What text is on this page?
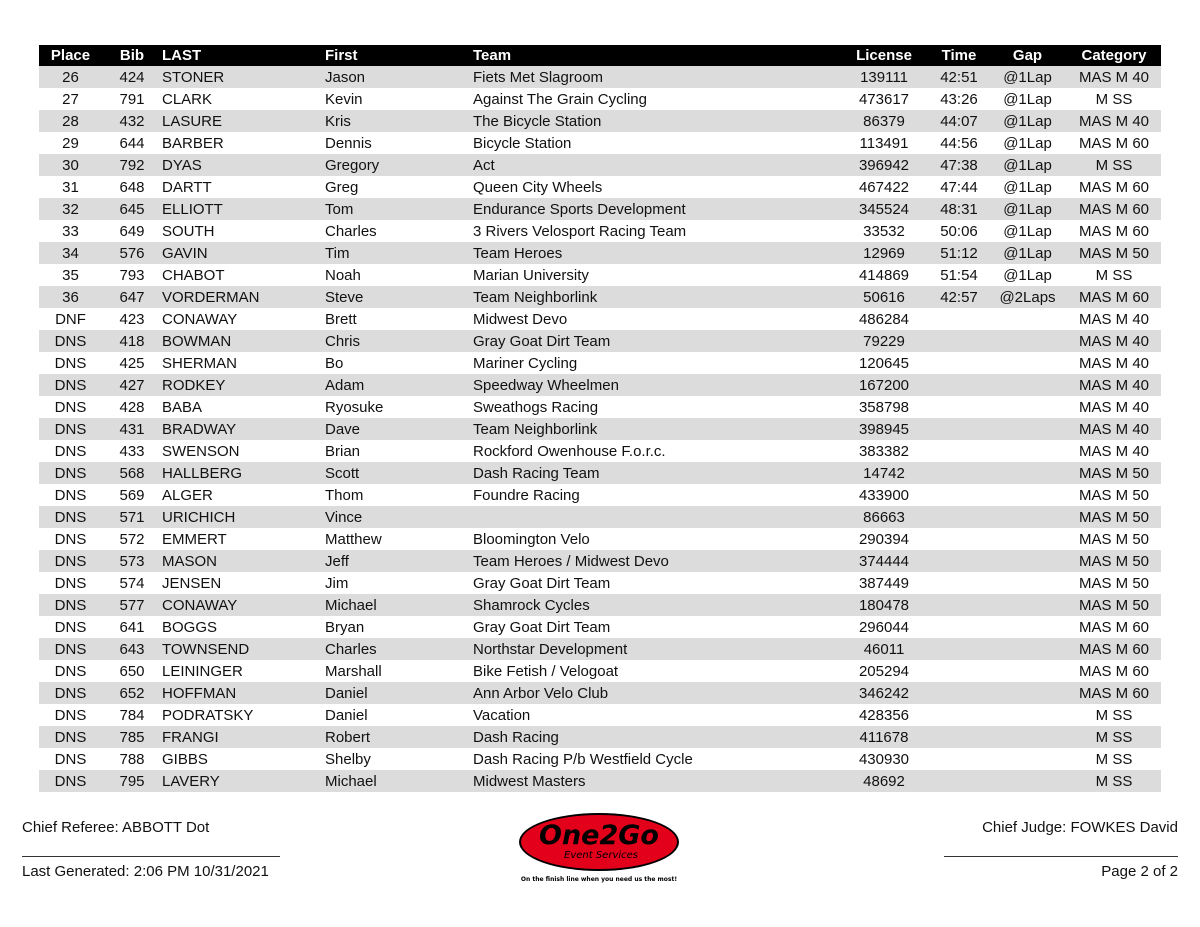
Place	Bib	LAST	First	Team	License	Time	Gap	Category
26	424	STONER	Jason	Fiets Met Slagroom	139111	42:51	@1Lap	MAS M 40
27	791	CLARK	Kevin	Against The Grain Cycling	473617	43:26	@1Lap	M SS
28	432	LASURE	Kris	The Bicycle Station	86379	44:07	@1Lap	MAS M 40
29	644	BARBER	Dennis	Bicycle Station	113491	44:56	@1Lap	MAS M 60
30	792	DYAS	Gregory	Act	396942	47:38	@1Lap	M SS
31	648	DARTT	Greg	Queen City Wheels	467422	47:44	@1Lap	MAS M 60
32	645	ELLIOTT	Tom	Endurance Sports Development	345524	48:31	@1Lap	MAS M 60
33	649	SOUTH	Charles	3 Rivers Velosport Racing Team	33532	50:06	@1Lap	MAS M 60
34	576	GAVIN	Tim	Team Heroes	12969	51:12	@1Lap	MAS M 50
35	793	CHABOT	Noah	Marian University	414869	51:54	@1Lap	M SS
36	647	VORDERMAN	Steve	Team Neighborlink	50616	42:57	@2Laps	MAS M 60
DNF	423	CONAWAY	Brett	Midwest Devo	486284			MAS M 40
DNS	418	BOWMAN	Chris	Gray Goat Dirt Team	79229			MAS M 40
DNS	425	SHERMAN	Bo	Mariner Cycling	120645			MAS M 40
DNS	427	RODKEY	Adam	Speedway Wheelmen	167200			MAS M 40
DNS	428	BABA	Ryosuke	Sweathogs Racing	358798			MAS M 40
DNS	431	BRADWAY	Dave	Team Neighborlink	398945			MAS M 40
DNS	433	SWENSON	Brian	Rockford Owenhouse F.o.r.c.	383382			MAS M 40
DNS	568	HALLBERG	Scott	Dash Racing Team	14742			MAS M 50
DNS	569	ALGER	Thom	Foundre Racing	433900			MAS M 50
DNS	571	URICHICH	Vince		86663			MAS M 50
DNS	572	EMMERT	Matthew	Bloomington Velo	290394			MAS M 50
DNS	573	MASON	Jeff	Team Heroes / Midwest Devo	374444			MAS M 50
DNS	574	JENSEN	Jim	Gray Goat Dirt Team	387449			MAS M 50
DNS	577	CONAWAY	Michael	Shamrock Cycles	180478			MAS M 50
DNS	641	BOGGS	Bryan	Gray Goat Dirt Team	296044			MAS M 60
DNS	643	TOWNSEND	Charles	Northstar Development	46011			MAS M 60
DNS	650	LEININGER	Marshall	Bike Fetish / Velogoat	205294			MAS M 60
DNS	652	HOFFMAN	Daniel	Ann Arbor Velo Club	346242			MAS M 60
DNS	784	PODRATSKY	Daniel	Vacation	428356			M SS
DNS	785	FRANGI	Robert	Dash Racing	411678			M SS
DNS	788	GIBBS	Shelby	Dash Racing P/b Westfield Cycle	430930			M SS
DNS	795	LAVERY	Michael	Midwest Masters	48692			M SS
Chief Referee: ABBOTT Dot
Last Generated: 2:06 PM 10/31/2021
Chief Judge: FOWKES David
Page 2 of 2
One2Go
Event Services
On the finish line when you need us the most!
